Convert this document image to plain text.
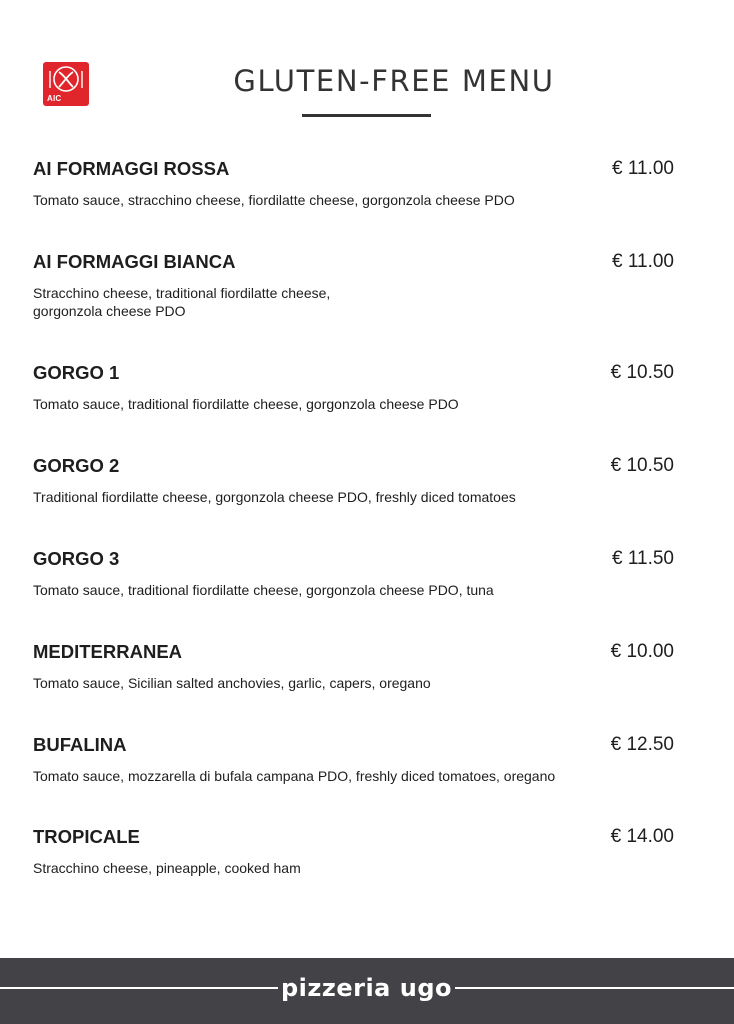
AIC
GLUTEN-FREE MENU
AI FORMAGGI ROSSA	€ 11.00
Tomato sauce, stracchino cheese, fiordilatte cheese, gorgonzola cheese PDO
AI FORMAGGI BIANCA	€ 11.00
Stracchino cheese, traditional fiordilatte cheese,
gorgonzola cheese PDO
GORGO 1	€ 10.50
Tomato sauce, traditional fiordilatte cheese, gorgonzola cheese PDO
GORGO 2	€ 10.50
Traditional fiordilatte cheese, gorgonzola cheese PDO, freshly diced tomatoes
GORGO 3	€ 11.50
Tomato sauce, traditional fiordilatte cheese, gorgonzola cheese PDO, tuna
MEDITERRANEA	€ 10.00
Tomato sauce, Sicilian salted anchovies, garlic, capers, oregano
BUFALINA	€ 12.50
Tomato sauce, mozzarella di bufala campana PDO, freshly diced tomatoes, oregano
TROPICALE	€ 14.00
Stracchino cheese, pineapple, cooked ham
pizzeria ugo
